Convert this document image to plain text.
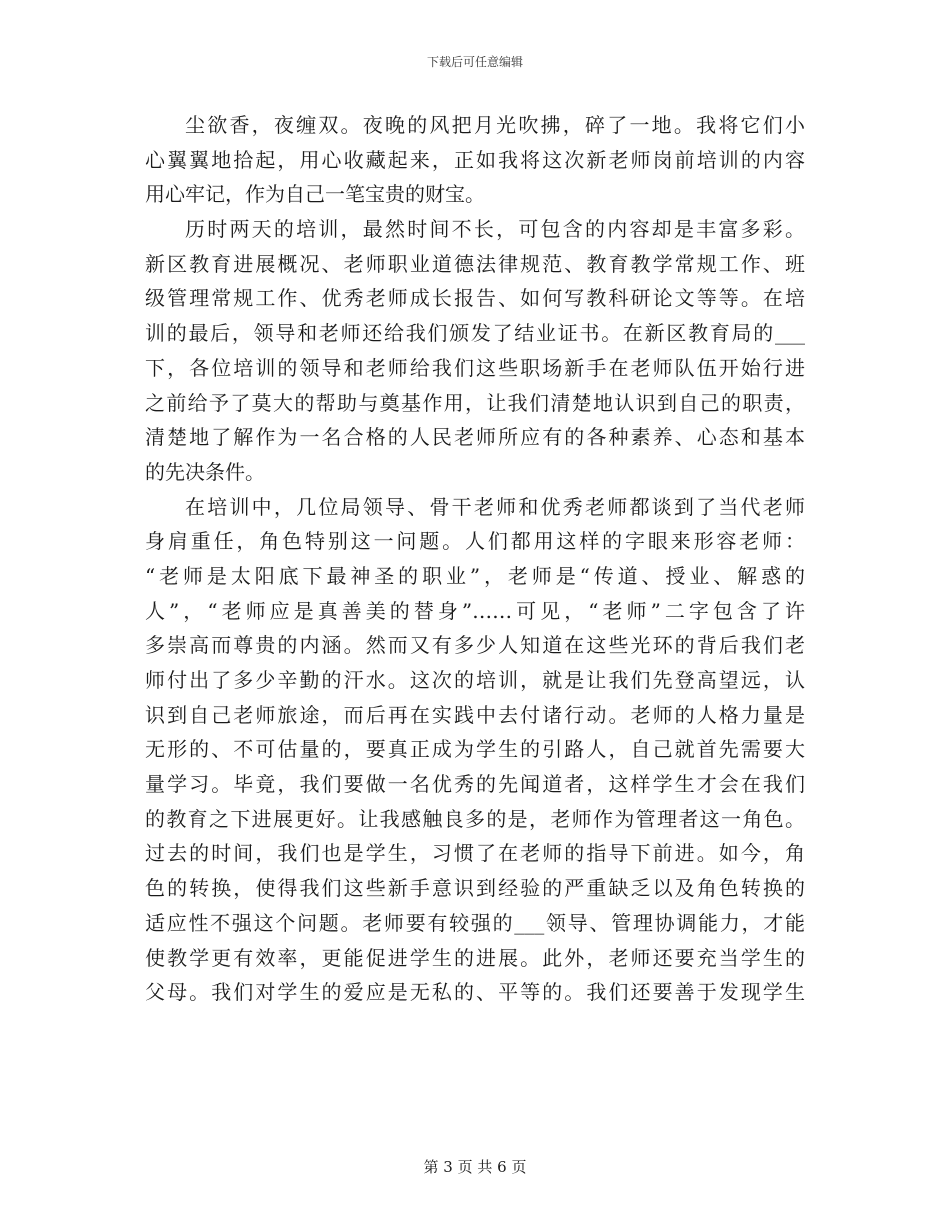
下载后可任意编辑
尘欲香，夜缠双。夜晚的风把月光吹拂，碎了一地。我将它们小
心翼翼地拾起，用心收藏起来，正如我将这次新老师岗前培训的内容
用心牢记，作为自己一笔宝贵的财宝。
历时两天的培训，最然时间不长，可包含的内容却是丰富多彩。
新区教育进展概况、老师职业道德法律规范、教育教学常规工作、班
级管理常规工作、优秀老师成长报告、如何写教科研论文等等。在培
训的最后，领导和老师还给我们颁发了结业证书。在新区教育局的___
下，各位培训的领导和老师给我们这些职场新手在老师队伍开始行进
之前给予了莫大的帮助与奠基作用，让我们清楚地认识到自己的职责，
清楚地了解作为一名合格的人民老师所应有的各种素养、心态和基本
的先决条件。
在培训中，几位局领导、骨干老师和优秀老师都谈到了当代老师
身肩重任，角色特别这一问题。人们都用这样的字眼来形容老师：
“老师是太阳底下最神圣的职业”，老师是“传道、授业、解惑的
人”，“老师应是真善美的替身”……可见，“老师”二字包含了许
多崇高而尊贵的内涵。然而又有多少人知道在这些光环的背后我们老
师付出了多少辛勤的汗水。这次的培训，就是让我们先登高望远，认
识到自己老师旅途，而后再在实践中去付诸行动。老师的人格力量是
无形的、不可估量的，要真正成为学生的引路人，自己就首先需要大
量学习。毕竟，我们要做一名优秀的先闻道者，这样学生才会在我们
的教育之下进展更好。让我感触良多的是，老师作为管理者这一角色。
过去的时间，我们也是学生，习惯了在老师的指导下前进。如今，角
色的转换，使得我们这些新手意识到经验的严重缺乏以及角色转换的
适应性不强这个问题。老师要有较强的___领导、管理协调能力，才能
使教学更有效率，更能促进学生的进展。此外，老师还要充当学生的
父母。我们对学生的爱应是无私的、平等的。我们还要善于发现学生
第 3 页 共 6 页
